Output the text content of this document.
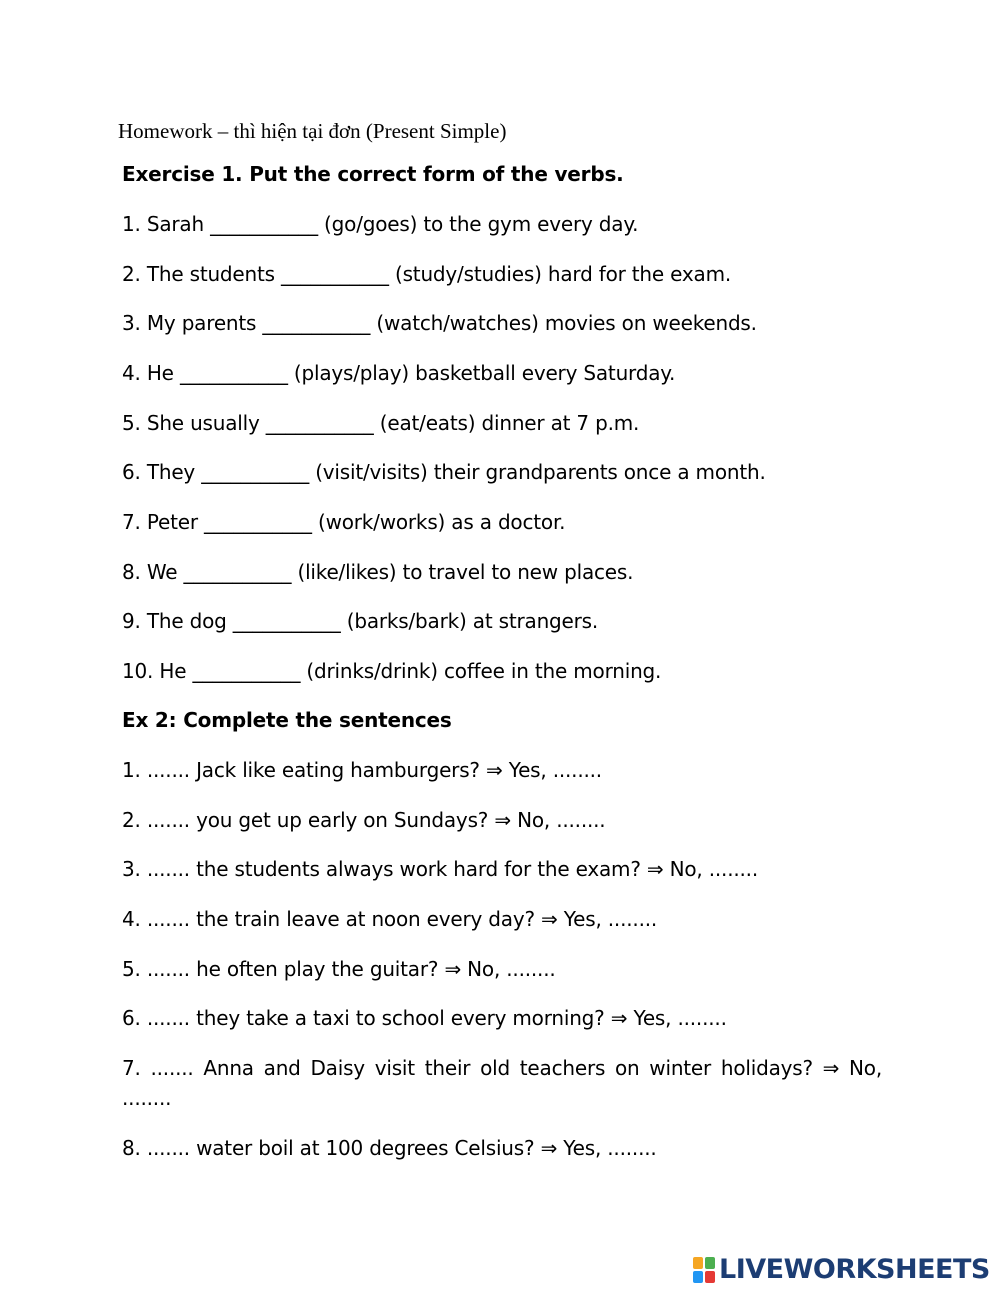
Homework – thì hiện tại đơn (Present Simple)
Exercise 1. Put the correct form of the verbs.
1. Sarah ___________ (go/goes) to the gym every day.
2. The students ___________ (study/studies) hard for the exam.
3. My parents ___________ (watch/watches) movies on weekends.
4. He ___________ (plays/play) basketball every Saturday.
5. She usually ___________ (eat/eats) dinner at 7 p.m.
6. They ___________ (visit/visits) their grandparents once a month.
7. Peter ___________ (work/works) as a doctor.
8. We ___________ (like/likes) to travel to new places.
9. The dog ___________ (barks/bark) at strangers.
10. He ___________ (drinks/drink) coffee in the morning.
Ex 2: Complete the sentences
1. ....... Jack like eating hamburgers? ⇒ Yes, ........
2. ....... you get up early on Sundays? ⇒ No, ........
3. ....... the students always work hard for the exam? ⇒ No, ........
4. ....... the train leave at noon every day? ⇒ Yes, ........
5. ....... he often play the guitar? ⇒ No, ........
6. ....... they take a taxi to school every morning? ⇒ Yes, ........
7. ....... Anna and Daisy visit their old teachers on winter holidays? ⇒ No, ........
8. ....... water boil at 100 degrees Celsius? ⇒ Yes, ........
LIVEWORKSHEETS
